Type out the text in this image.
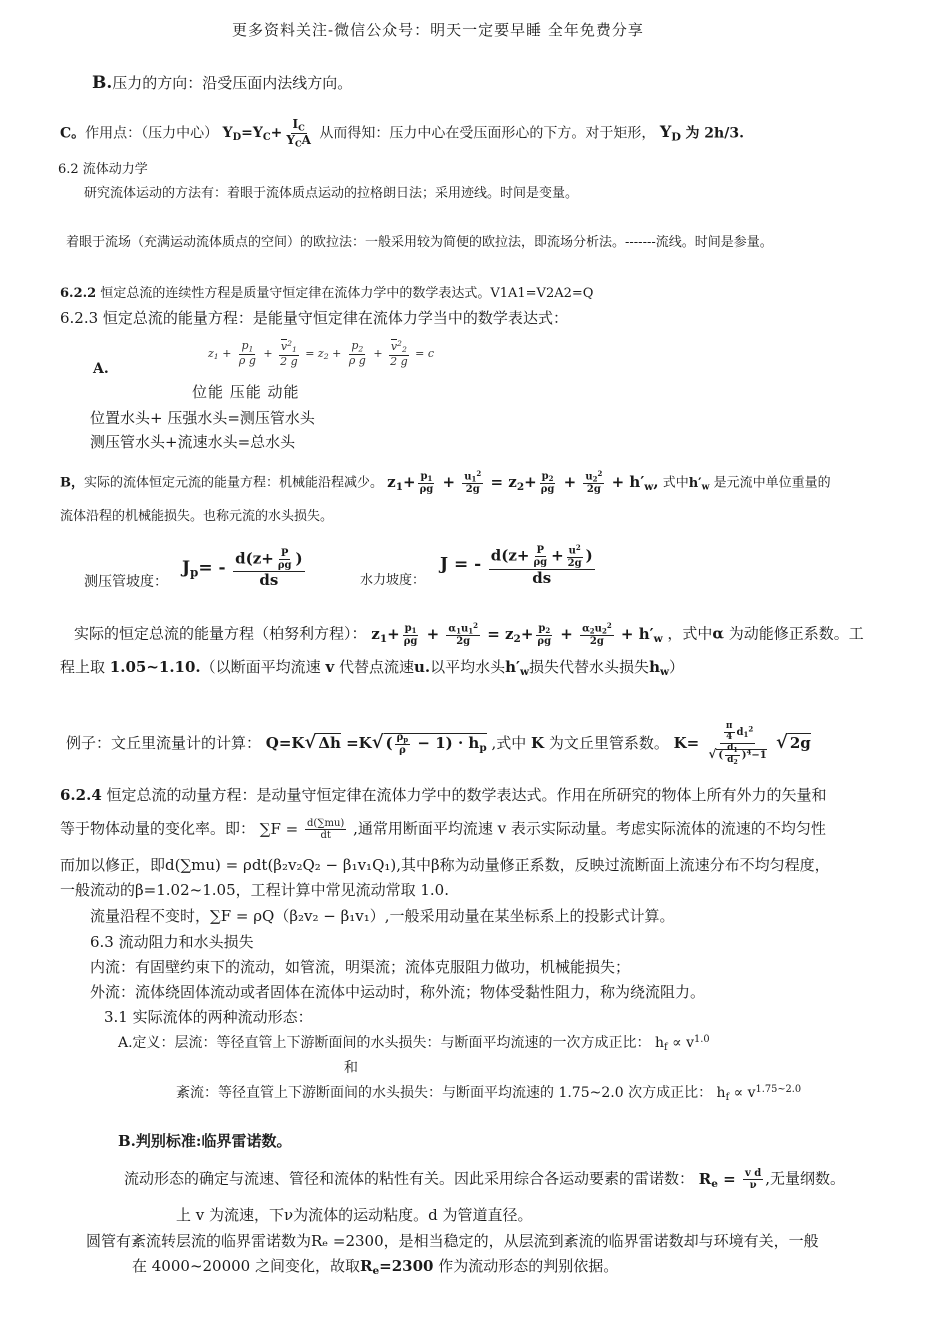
更多资料关注-微信公众号：明天一定要早睡 全年免费分享
B.压力的方向：沿受压面内法线方向。
C。作用点：（压力中心） $Y_D=Y_C+ \frac{I_C}{Y_CA}$ 从而得知：压力中心在受压面形心的下方。对于矩形， $Y_D$ 为 2h/3.
6.2 流体动力学
研究流体运动的方法有：着眼于流体质点运动的拉格朗日法；采用迹线。时间是变量。
着眼于流场（充满运动流体质点的空间）的欧拉法：一般采用较为简便的欧拉法，即流场分析法。-------流线。时间是参量。
6.2.2 恒定总流的连续性方程是质量守恒定律在流体力学中的数学表达式。V1A1=V2A2=Q
6.2.3 恒定总流的能量方程：是能量守恒定律在流体力学当中的数学表达式：
A.
$z_1 + \frac{p_1}{\text{ρ g}} + \frac{v^2_1}{2 g} = z_2 + \frac{p_2}{\text{ρ g}} + \frac{v^2_2}{2 g} = c$
位能 压能 动能
位置水头+ 压强水头=测压管水头
测压管水头+流速水头=总水头
B，实际的流体恒定元流的能量方程：机械能沿程减少。 $z_1+ \frac{p_1}{\rho g} + \frac{u_1^2}{2g} = z_2+ \frac{p_2}{\rho g} + \frac{u_2^2}{2g} + h'_w$, 式中$h'_w$ 是元流中单位重量的
流体沿程的机械能损失。也称元流的水头损失。
测压管坡度：
$J_p= - \frac{d(z+ \frac{P}{\rho g} )}{ds}$	水力坡度：
J = - $\frac{d(z+ \frac{P}{\rho g} + \frac{u^2}{2g} )}{ds}$
实际的恒定总流的能量方程（柏努利方程）： $z_1+ \frac{p_1}{\rho g} + \frac{\alpha_1u_1^2}{2g} = z_2+ \frac{p_2}{\rho g} + \frac{\alpha_2u_2^2}{2g} + h'_w$ ，式中α 为动能修正系数。工
程上取 1.05~1.10.（以断面平均流速 v 代替点流速u.以平均水头$h'_w$损失代替水头损失$h_w$）
例子：文丘里流量计的计算： Q=K√ Δh =K√ ( $\frac{\rho_p}{\rho} - 1) \cdot h_p$ ,式中 K 为文丘里管系数。 $K= \frac{\frac{\pi}{4} d_1^2}{√ ( \frac{d_1}{d_2} )^4-1}$ √ 2g
6.2.4 恒定总流的动量方程：是动量守恒定律在流体力学中的数学表达式。作用在所研究的物体上所有外力的矢量和
等于物体动量的变化率。即： $\sum F = \frac{d(\sum mu)}{dt}$ ,通常用断面平均流速 v 表示实际动量。考虑实际流体的流速的不均匀性
而加以修正，即d(∑mu) = ρdt(β₂v₂Q₂ − β₁v₁Q₁),其中β称为动量修正系数，反映过流断面上流速分布不均匀程度，
一般流动的β=1.02~1.05，工程计算中常见流动常取 1.0.
流量沿程不变时，∑F = ρQ（β₂v₂ − β₁v₁）,一般采用动量在某坐标系上的投影式计算。
6.3 流动阻力和水头损失
内流：有固壁约束下的流动，如管流，明渠流；流体克服阻力做功，机械能损失；
外流：流体绕固体流动或者固体在流体中运动时，称外流；物体受黏性阻力，称为绕流阻力。
3.1 实际流体的两种流动形态：
A.定义：层流：等径直管上下游断面间的水头损失：与断面平均流速的一次方成正比： $h_f \propto v^{1.0}$
和
紊流：等径直管上下游断面间的水头损失：与断面平均流速的 1.75~2.0 次方成正比： $h_f \propto v^{1.75\sim 2.0}$
B.判别标准:临界雷诺数。
流动形态的确定与流速、管径和流体的粘性有关。因此采用综合各运动要素的雷诺数： $R_e = \frac{\text{v d}}{\nu}$ ,无量纲数。
上 v 为流速，下ν为流体的运动粘度。d 为管道直径。
圆管有紊流转层流的临界雷诺数为Rₑ =2300，是相当稳定的，从层流到紊流的临界雷诺数却与环境有关，一般
在 4000~20000 之间变化，故取$R_e=2300$ 作为流动形态的判别依据。
